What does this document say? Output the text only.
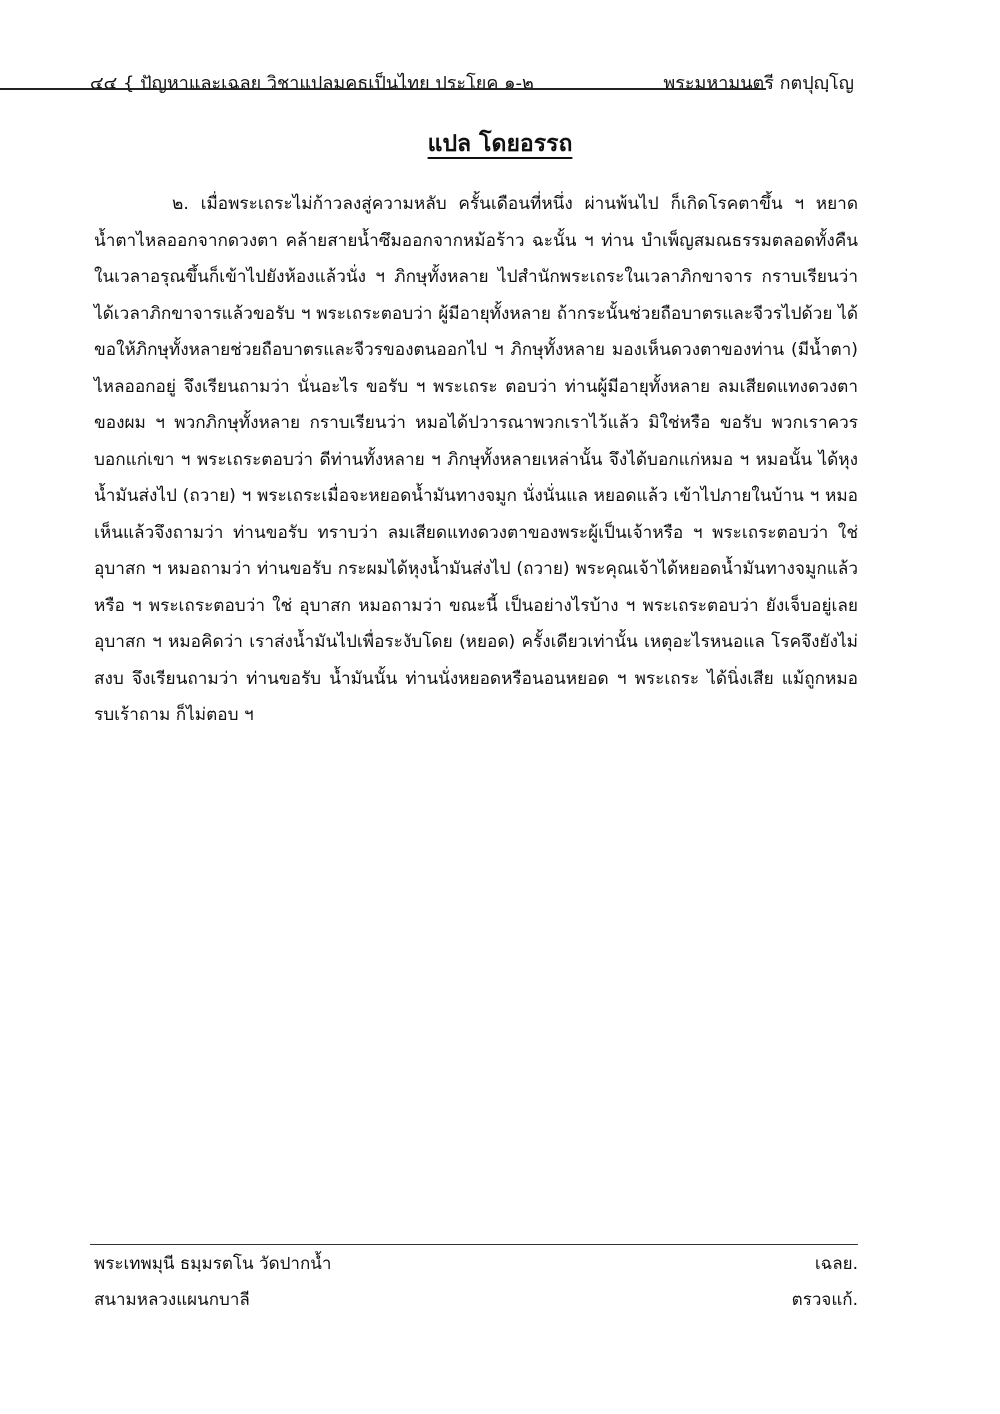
๔๔ { ปัญหาและเฉลย วิชาแปลมคธเป็นไทย ประโยค ๑-๒	พระมหามนตรี กตปุญฺโญ
แปล โดยอรรถ
๒. เมื่อพระเถระไม่ก้าวลงสู่ความหลับ ครั้นเดือนที่หนึ่ง ผ่านพ้นไป ก็เกิดโรคตาขึ้น ฯ หยาดน้ำตาไหลออกจากดวงตา คล้ายสายน้ำซึมออกจากหม้อร้าว ฉะนั้น ฯ ท่าน บำเพ็ญสมณธรรมตลอดทั้งคืน ในเวลาอรุณขึ้นก็เข้าไปยังห้องแล้วนั่ง ฯ ภิกษุทั้งหลาย ไปสำนักพระเถระในเวลาภิกขาจาร กราบเรียนว่า ได้เวลาภิกขาจารแล้วขอรับ ฯ พระเถระตอบว่า ผู้มีอายุทั้งหลาย ถ้ากระนั้นช่วยถือบาตรและจีวรไปด้วย ได้ขอให้ภิกษุทั้งหลายช่วยถือบาตรและจีวรของตนออกไป ฯ ภิกษุทั้งหลาย มองเห็นดวงตาของท่าน (มีน้ำตา) ไหลออกอยู่ จึงเรียนถามว่า นั่นอะไร ขอรับ ฯ พระเถระ ตอบว่า ท่านผู้มีอายุทั้งหลาย ลมเสียดแทงดวงตาของผม ฯ พวกภิกษุทั้งหลาย กราบเรียนว่า หมอได้ปวารณาพวกเราไว้แล้ว มิใช่หรือ ขอรับ พวกเราควรบอกแก่เขา ฯ พระเถระตอบว่า ดีท่านทั้งหลาย ฯ ภิกษุทั้งหลายเหล่านั้น จึงได้บอกแก่หมอ ฯ หมอนั้น ได้หุงน้ำมันส่งไป (ถวาย) ฯ พระเถระเมื่อจะหยอดน้ำมันทางจมูก นั่งนั่นแล หยอดแล้ว เข้าไปภายในบ้าน ฯ หมอเห็นแล้วจึงถามว่า ท่านขอรับ ทราบว่า ลมเสียดแทงดวงตาของพระผู้เป็นเจ้าหรือ ฯ พระเถระตอบว่า ใช่ อุบาสก ฯ หมอถามว่า ท่านขอรับ กระผมได้หุงน้ำมันส่งไป (ถวาย) พระคุณเจ้าได้หยอดน้ำมันทางจมูกแล้วหรือ ฯ พระเถระตอบว่า ใช่ อุบาสก หมอถามว่า ขณะนี้ เป็นอย่างไรบ้าง ฯ พระเถระตอบว่า ยังเจ็บอยู่เลย อุบาสก ฯ หมอคิดว่า เราส่งน้ำมันไปเพื่อระงับโดย (หยอด) ครั้งเดียวเท่านั้น เหตุอะไรหนอแล โรคจึงยังไม่สงบ จึงเรียนถามว่า ท่านขอรับ น้ำมันนั้น ท่านนั่งหยอดหรือนอนหยอด ฯ พระเถระ ได้นิ่งเสีย แม้ถูกหมอรบเร้าถาม ก็ไม่ตอบ ฯ
พระเทพมุนี ธมฺมรตโน วัดปากน้ำ	เฉลย.
สนามหลวงแผนกบาลี	ตรวจแก้.
